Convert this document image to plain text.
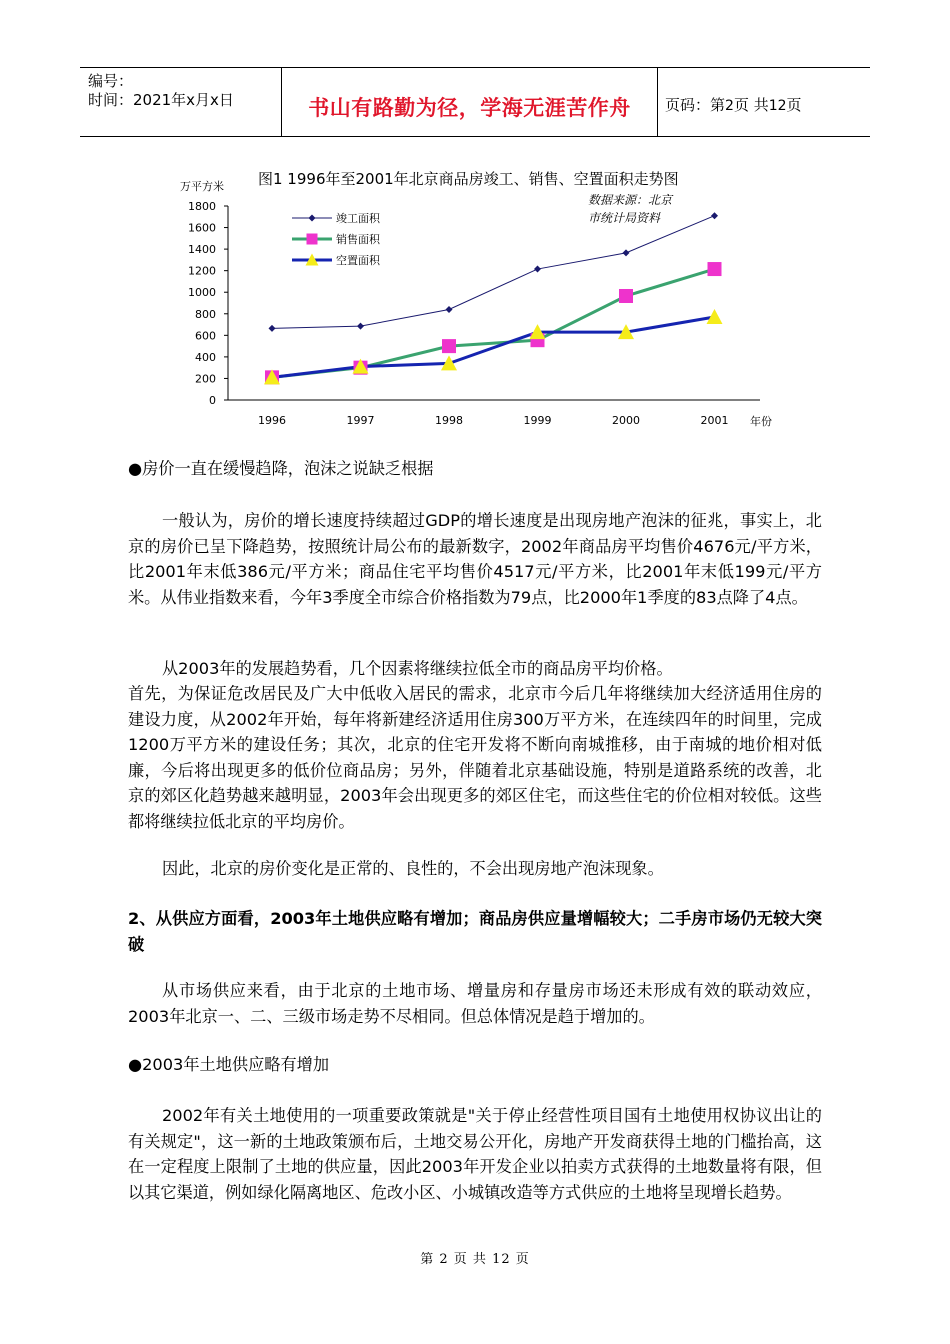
编号：
时间：2021年x月x日	书山有路勤为径，学海无涯苦作舟	页码：第2页 共12页
图1 1996年至2001年北京商品房竣工、销售、空置面积走势图
数据来源：北京
市统计局资料
万平方米
年份
1800
1600
1400
1200
1000
800
600
400
200
0
1996	1997	1998	1999	2000	2001
竣工面积
销售面积
空置面积
●房价一直在缓慢趋降，泡沫之说缺乏根据
一般认为，房价的增长速度持续超过GDP的增长速度是出现房地产泡沫的征兆，事实上，北京的房价已呈下降趋势，按照统计局公布的最新数字，2002年商品房平均售价4676元/平方米，比2001年末低386元/平方米；商品住宅平均售价4517元/平方米，比2001年末低199元/平方米。从伟业指数来看，今年3季度全市综合价格指数为79点，比2000年1季度的83点降了4点。
从2003年的发展趋势看，几个因素将继续拉低全市的商品房平均价格。
首先，为保证危改居民及广大中低收入居民的需求，北京市今后几年将继续加大经济适用住房的建设力度，从2002年开始，每年将新建经济适用住房300万平方米，在连续四年的时间里，完成1200万平方米的建设任务；其次，北京的住宅开发将不断向南城推移，由于南城的地价相对低廉，今后将出现更多的低价位商品房；另外，伴随着北京基础设施，特别是道路系统的改善，北京的郊区化趋势越来越明显，2003年会出现更多的郊区住宅，而这些住宅的价位相对较低。这些都将继续拉低北京的平均房价。
因此，北京的房价变化是正常的、良性的，不会出现房地产泡沫现象。
2、从供应方面看，2003年土地供应略有增加；商品房供应量增幅较大；二手房市场仍无较大突破
从市场供应来看，由于北京的土地市场、增量房和存量房市场还未形成有效的联动效应，2003年北京一、二、三级市场走势不尽相同。但总体情况是趋于增加的。
●2003年土地供应略有增加
2002年有关土地使用的一项重要政策就是"关于停止经营性项目国有土地使用权协议出让的有关规定"，这一新的土地政策颁布后，土地交易公开化，房地产开发商获得土地的门槛抬高，这在一定程度上限制了土地的供应量，因此2003年开发企业以拍卖方式获得的土地数量将有限，但以其它渠道，例如绿化隔离地区、危改小区、小城镇改造等方式供应的土地将呈现增长趋势。
第 2 页 共 12 页
